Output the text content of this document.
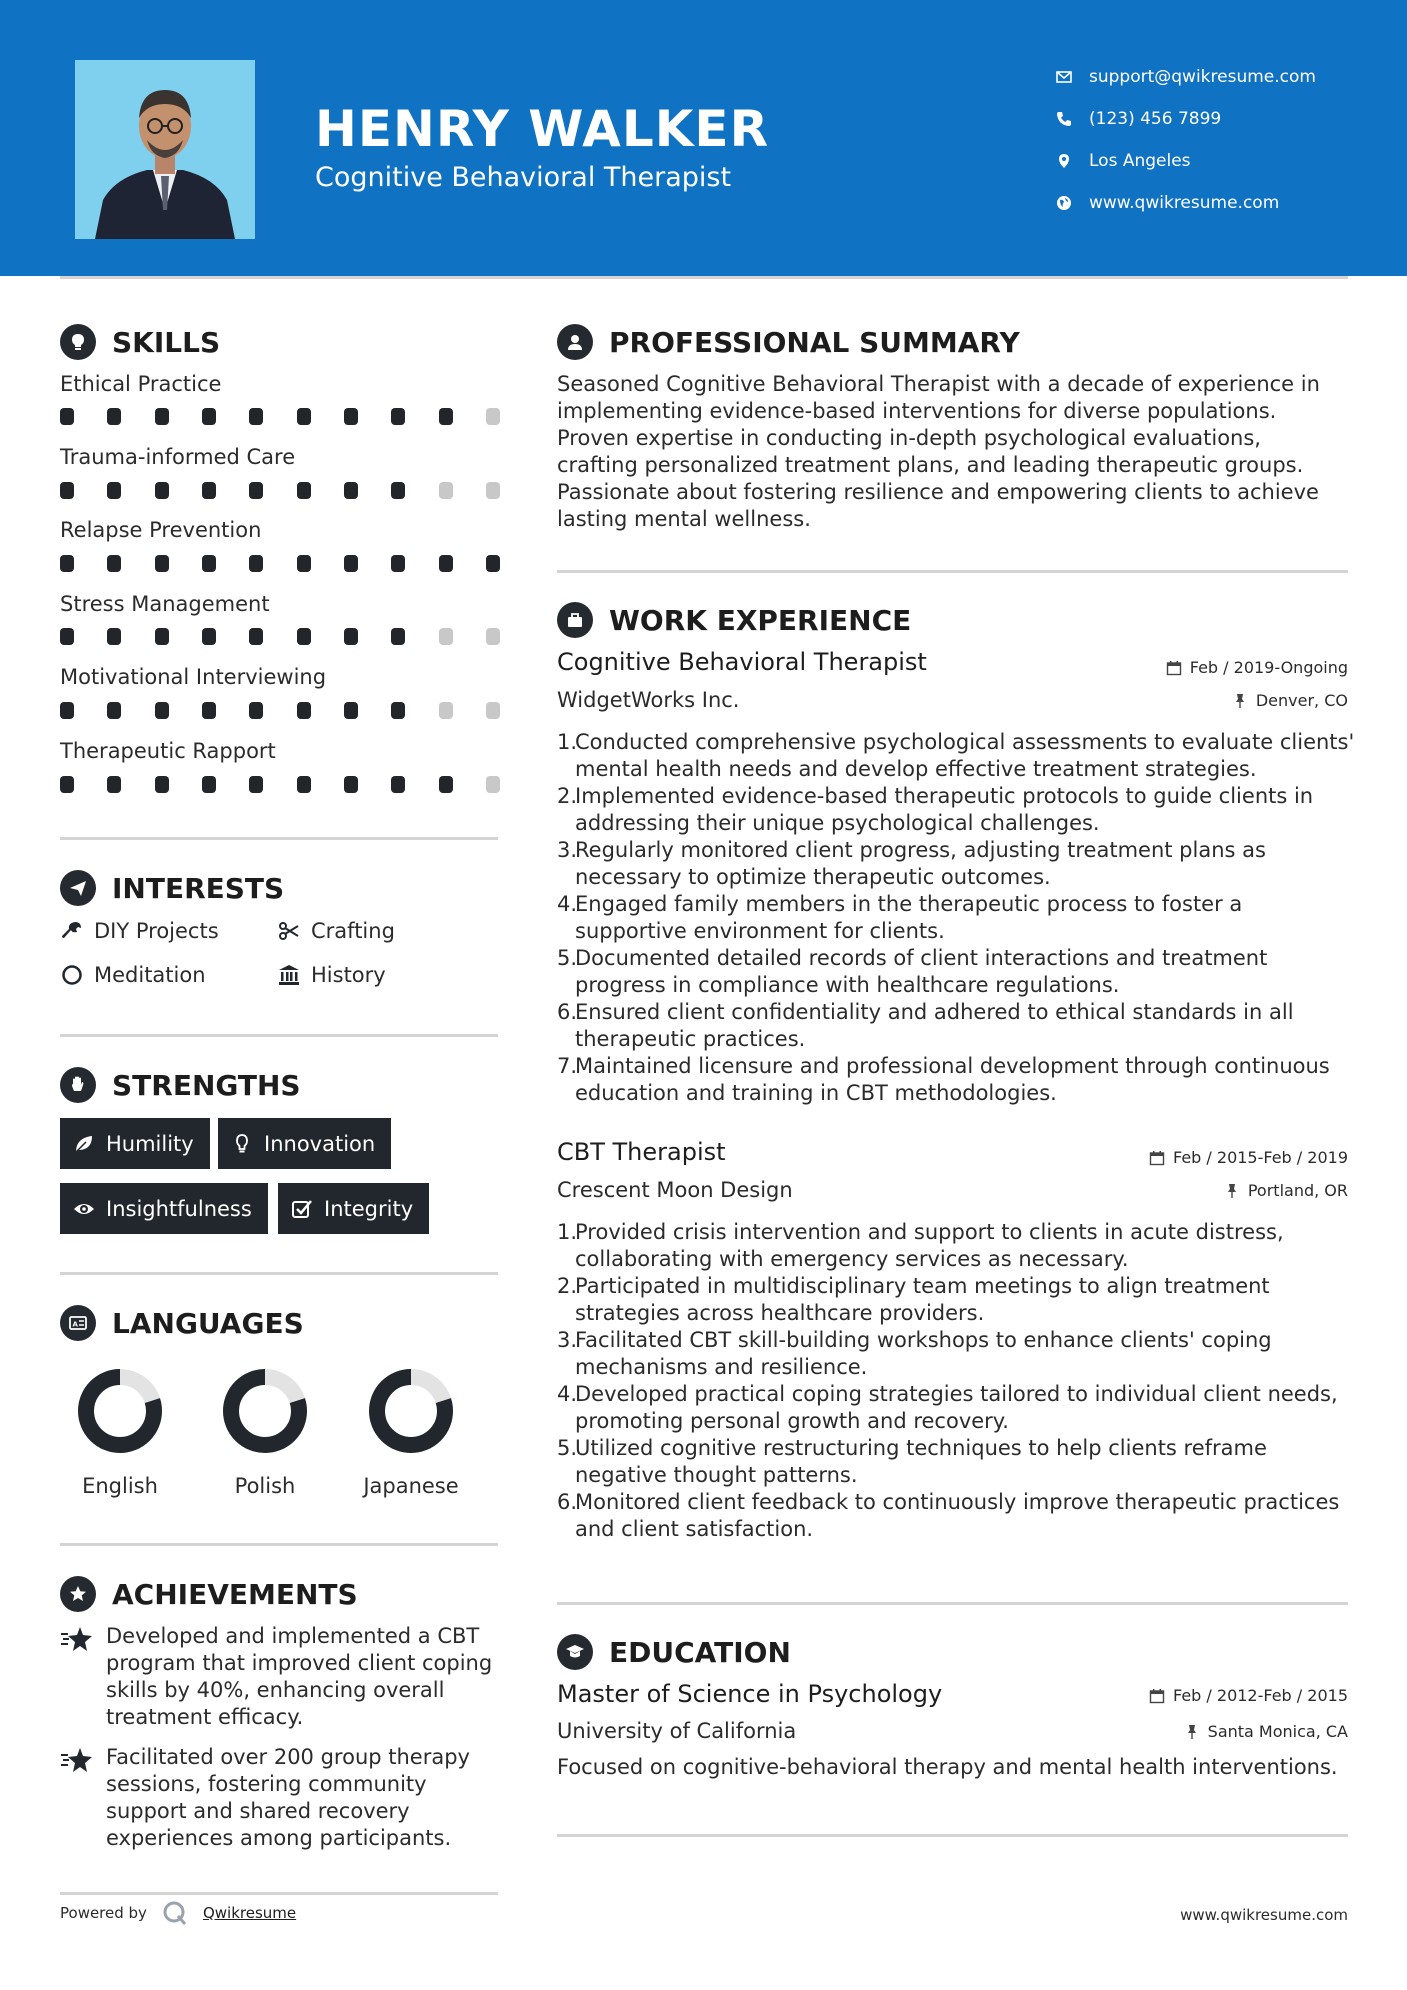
HENRY WALKER
Cognitive Behavioral Therapist
support@qwikresume.com
(123) 456 7899
Los Angeles
www.qwikresume.com
SKILLS
Ethical Practice
Trauma-informed Care
Relapse Prevention
Stress Management
Motivational Interviewing
Therapeutic Rapport
INTERESTS
DIY Projects	Crafting
Meditation	History
STRENGTHS
Humility	Innovation
Insightfulness	Integrity
A LANGUAGES
English	Polish	Japanese
ACHIEVEMENTS
Developed and implemented a CBT program that improved client coping skills by 40%, enhancing overall treatment efficacy.
Facilitated over 200 group therapy sessions, fostering community support and shared recovery experiences among participants.
PROFESSIONAL SUMMARY
Seasoned Cognitive Behavioral Therapist with a decade of experience in implementing evidence-based interventions for diverse populations. Proven expertise in conducting in-depth psychological evaluations, crafting personalized treatment plans, and leading therapeutic groups. Passionate about fostering resilience and empowering clients to achieve lasting mental wellness.
WORK EXPERIENCE
Cognitive Behavioral Therapist	Feb / 2019-Ongoing
WidgetWorks Inc.	Denver, CO
1.
Conducted comprehensive psychological assessments to evaluate clients' mental health needs and develop effective treatment strategies.
2.
Implemented evidence-based therapeutic protocols to guide clients in addressing their unique psychological challenges.
3.
Regularly monitored client progress, adjusting treatment plans as necessary to optimize therapeutic outcomes.
4.
Engaged family members in the therapeutic process to foster a supportive environment for clients.
5.
Documented detailed records of client interactions and treatment progress in compliance with healthcare regulations.
6.
Ensured client confidentiality and adhered to ethical standards in all therapeutic practices.
7.
Maintained licensure and professional development through continuous education and training in CBT methodologies.
CBT Therapist	Feb / 2015-Feb / 2019
Crescent Moon Design	Portland, OR
1.
Provided crisis intervention and support to clients in acute distress, collaborating with emergency services as necessary.
2.
Participated in multidisciplinary team meetings to align treatment strategies across healthcare providers.
3.
Facilitated CBT skill-building workshops to enhance clients' coping mechanisms and resilience.
4.
Developed practical coping strategies tailored to individual client needs, promoting personal growth and recovery.
5.
Utilized cognitive restructuring techniques to help clients reframe negative thought patterns.
6.
Monitored client feedback to continuously improve therapeutic practices and client satisfaction.
EDUCATION
Master of Science in Psychology	Feb / 2012-Feb / 2015
University of California	Santa Monica, CA
Focused on cognitive-behavioral therapy and mental health interventions.
Powered by	Qwikresume	www.qwikresume.com
